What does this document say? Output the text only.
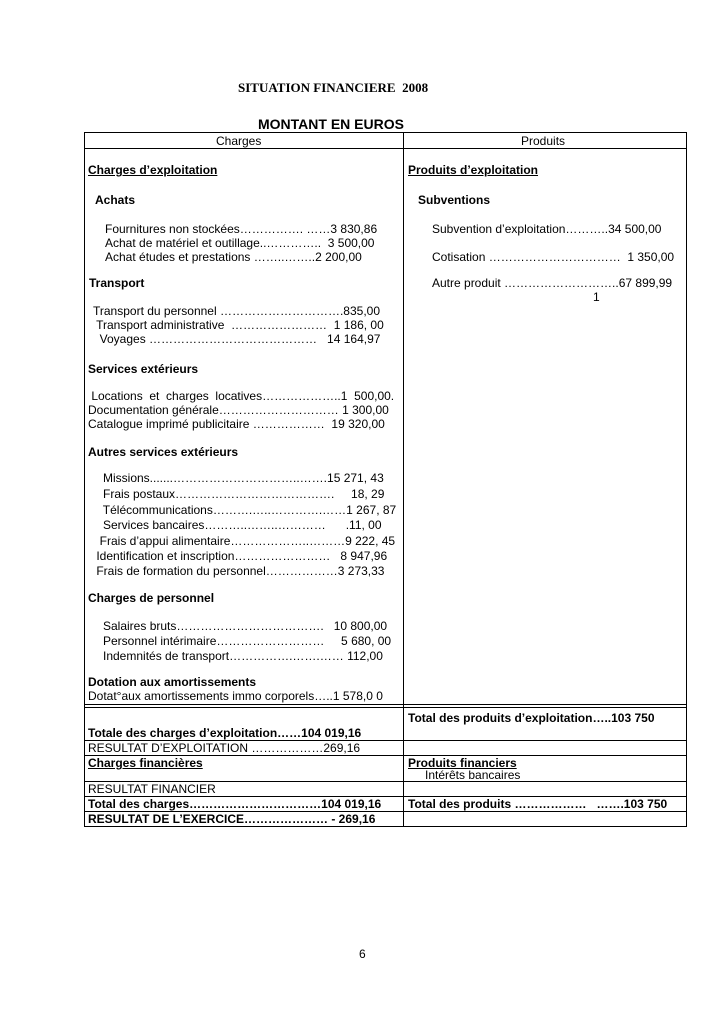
SITUATION FINANCIERE  2008
MONTANT EN EUROS
Charges	Produits
Charges d’exploitation
Achats
Fournitures non stockées……………. ……3 830,86
Achat de matériel et outillage..…………..  3 500,00
Achat études et prestations ……..……..2 200,00
Transport
Transport du personnel ………………………….835,00
Transport administrative  ……………………  1 186, 00
Voyages ……………………………………   14 164,97
Services extérieurs
Locations  et  charges  locatives………………..1  500,00.
Documentation générale………………………… 1 300,00
Catalogue imprimé publicitaire ………………  19 320,00
Autres services extérieurs
Missions.......…………………………..…….15 271, 43
Frais postaux………………………………….     18, 29
Télécommunications……….…..………….……1 267, 87
Services bancaires………..……..…………      .11, 00
Frais d’appui alimentaire………………..………9 222, 45
Identification et inscription……………………   8 947,96
Frais de formation du personnel………………3 273,33
Charges de personnel
Salaires bruts……………………………….   10 800,00
Personnel intérimaire………………………     5 680, 00
Indemnités de transport…………….…….…… 112,00
Dotation aux amortissements
Dotat°aux amortissements immo corporels…..1 578,0 0
Totale des charges d’exploitation……104 019,16
RESULTAT D’EXPLOITATION ………………269,16
Charges financières
RESULTAT FINANCIER
Total des charges……………………………104 019,16
RESULTAT DE L’EXERCICE………………… - 269,16
Produits d’exploitation
Subventions
Subvention d’exploitation………..34 500,00
Cotisation ……………………………  1 350,00
Autre produit ………………………..67 899,99
1
Total des produits d’exploitation…..103 750
Produits financiers
Intérêts bancaires
Total des produits ………………   …….103 750
6
